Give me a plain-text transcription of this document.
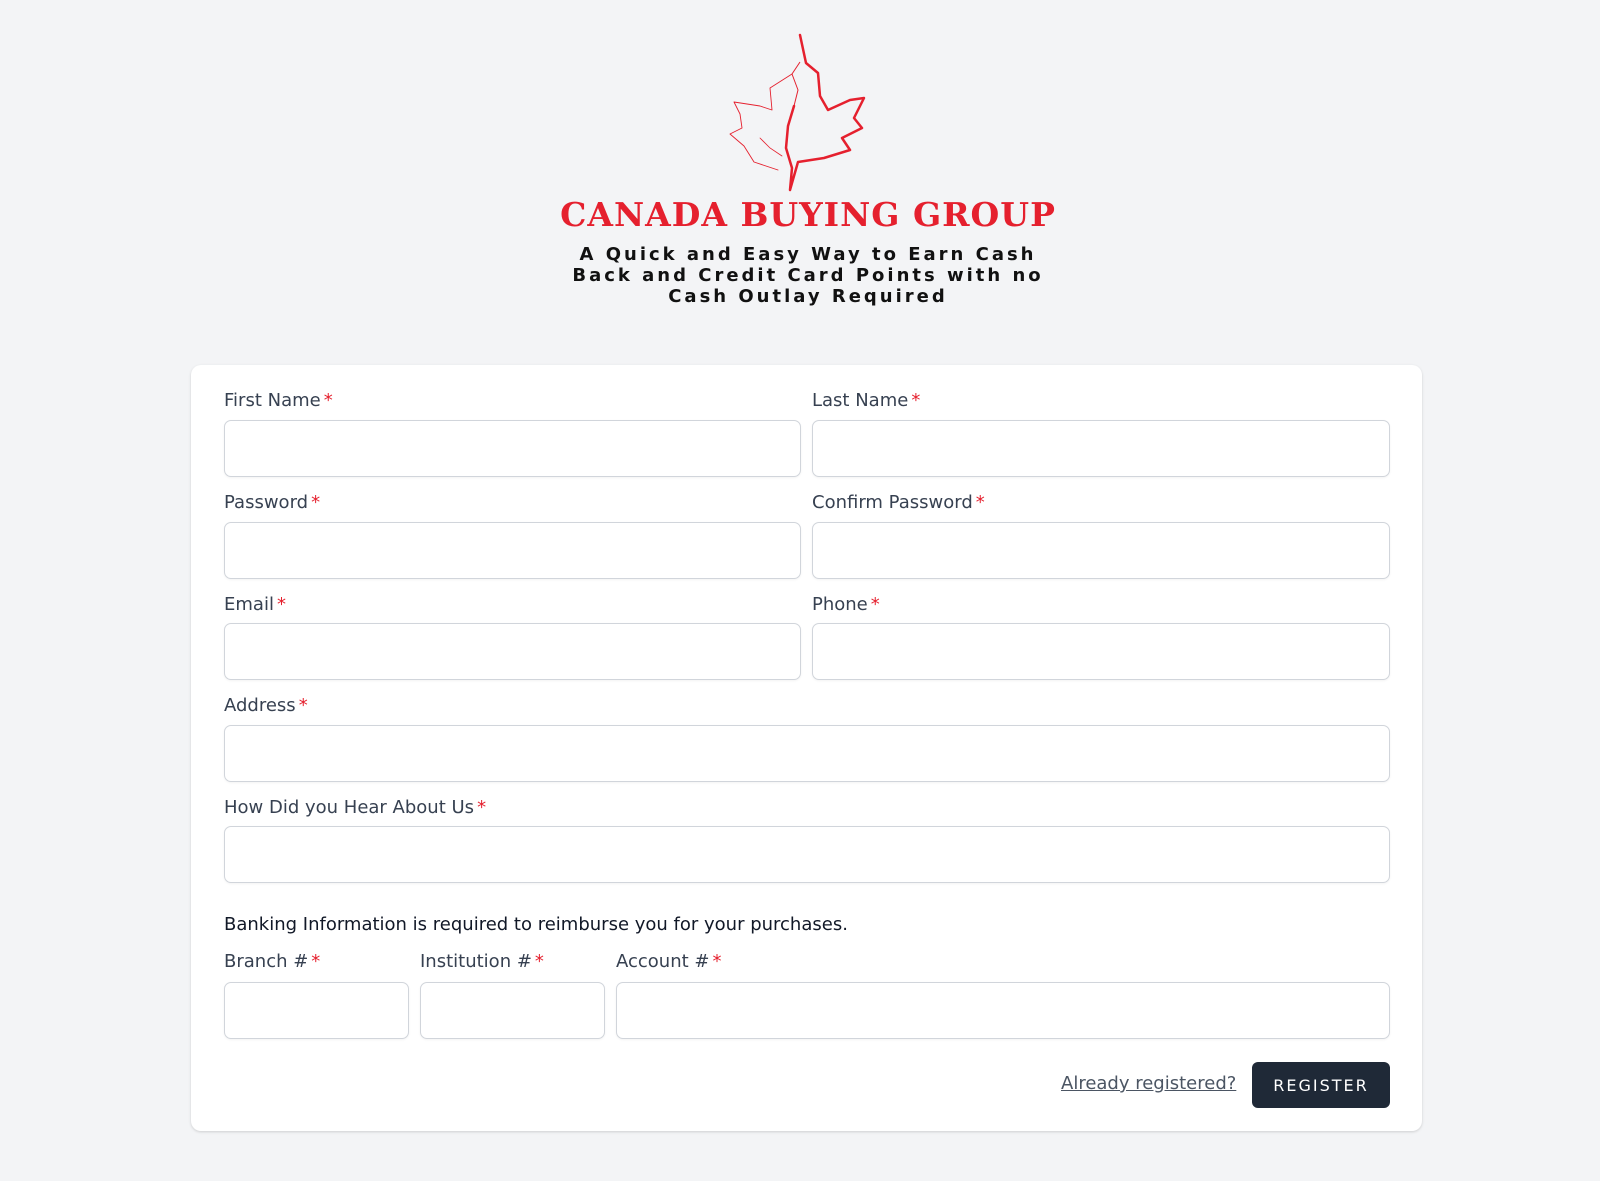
CANADA BUYING GROUP
A Quick and Easy Way to Earn Cash Back and Credit Card Points with no Cash Outlay Required
First Name *	Last Name *
Password *	Confirm Password *
Email *	Phone *
Address *
How Did you Hear About Us *
Banking Information is required to reimburse you for your purchases.
Branch # *	Institution # *	Account # *
Already registered?	REGISTER
